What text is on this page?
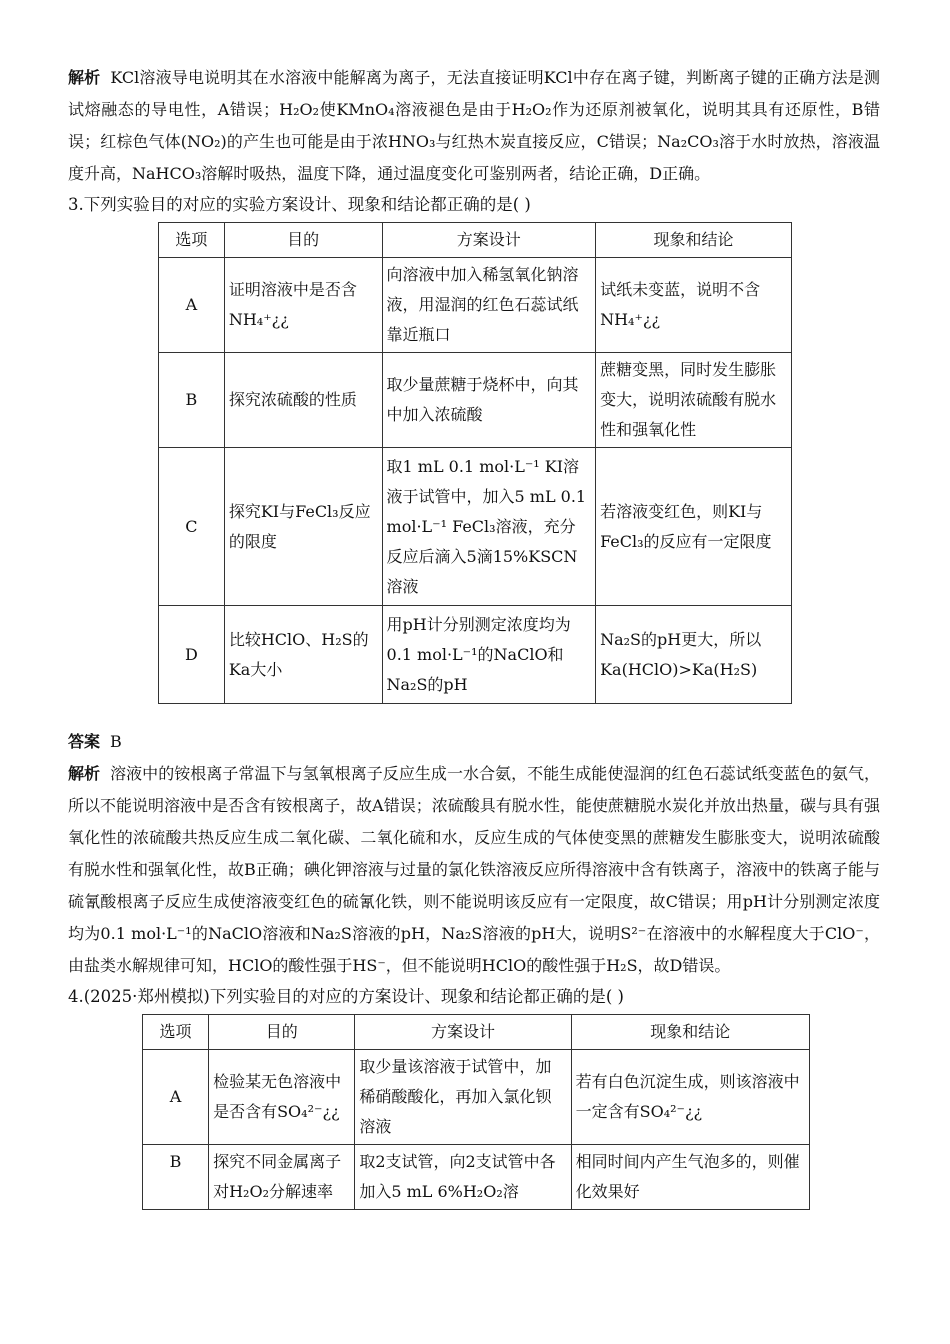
解析 KCl溶液导电说明其在水溶液中能解离为离子，无法直接证明KCl中存在离子键，判断离子键的正确方法是测试熔融态的导电性，A错误；H₂O₂使KMnO₄溶液褪色是由于H₂O₂作为还原剂被氧化，说明其具有还原性，B错误；红棕色气体(NO₂)的产生也可能是由于浓HNO₃与红热木炭直接反应，C错误；Na₂CO₃溶于水时放热，溶液温度升高，NaHCO₃溶解时吸热，温度下降，通过温度变化可鉴别两者，结论正确，D正确。

3.下列实验目的对应的实验方案设计、现象和结论都正确的是( )

选项	目的	方案设计	现象和结论
A	证明溶液中是否含NH₄⁺¿¿	向溶液中加入稀氢氧化钠溶液，用湿润的红色石蕊试纸靠近瓶口	试纸未变蓝，说明不含NH₄⁺¿¿
B	探究浓硫酸的性质	取少量蔗糖于烧杯中，向其中加入浓硫酸	蔗糖变黑，同时发生膨胀变大，说明浓硫酸有脱水性和强氧化性
C	探究KI与FeCl₃反应的限度	取1 mL 0.1 mol·L⁻¹ KI溶液于试管中，加入5 mL 0.1 mol·L⁻¹ FeCl₃溶液，充分反应后滴入5滴15%KSCN溶液	若溶液变红色，则KI与FeCl₃的反应有一定限度
D	比较HClO、H₂S的Ka大小	用pH计分别测定浓度均为0.1 mol·L⁻¹的NaClO和Na₂S的pH	Na₂S的pH更大，所以Ka(HClO)>Ka(H₂S)

答案 B

解析 溶液中的铵根离子常温下与氢氧根离子反应生成一水合氨，不能生成能使湿润的红色石蕊试纸变蓝色的氨气，所以不能说明溶液中是否含有铵根离子，故A错误；浓硫酸具有脱水性，能使蔗糖脱水炭化并放出热量，碳与具有强氧化性的浓硫酸共热反应生成二氧化碳、二氧化硫和水，反应生成的气体使变黑的蔗糖发生膨胀变大，说明浓硫酸有脱水性和强氧化性，故B正确；碘化钾溶液与过量的氯化铁溶液反应所得溶液中含有铁离子，溶液中的铁离子能与硫氰酸根离子反应生成使溶液变红色的硫氰化铁，则不能说明该反应有一定限度，故C错误；用pH计分别测定浓度均为0.1 mol·L⁻¹的NaClO溶液和Na₂S溶液的pH，Na₂S溶液的pH大，说明S²⁻在溶液中的水解程度大于ClO⁻，由盐类水解规律可知，HClO的酸性强于HS⁻，但不能说明HClO的酸性强于H₂S，故D错误。

4.(2025·郑州模拟)下列实验目的对应的方案设计、现象和结论都正确的是( )

选项	目的	方案设计	现象和结论
A	检验某无色溶液中是否含有SO₄²⁻¿¿	取少量该溶液于试管中，加稀硝酸酸化，再加入氯化钡溶液	若有白色沉淀生成，则该溶液中一定含有SO₄²⁻¿¿
B	探究不同金属离子对H₂O₂分解速率	取2支试管，向2支试管中各加入5 mL 6%H₂O₂溶	相同时间内产生气泡多的，则催化效果好
